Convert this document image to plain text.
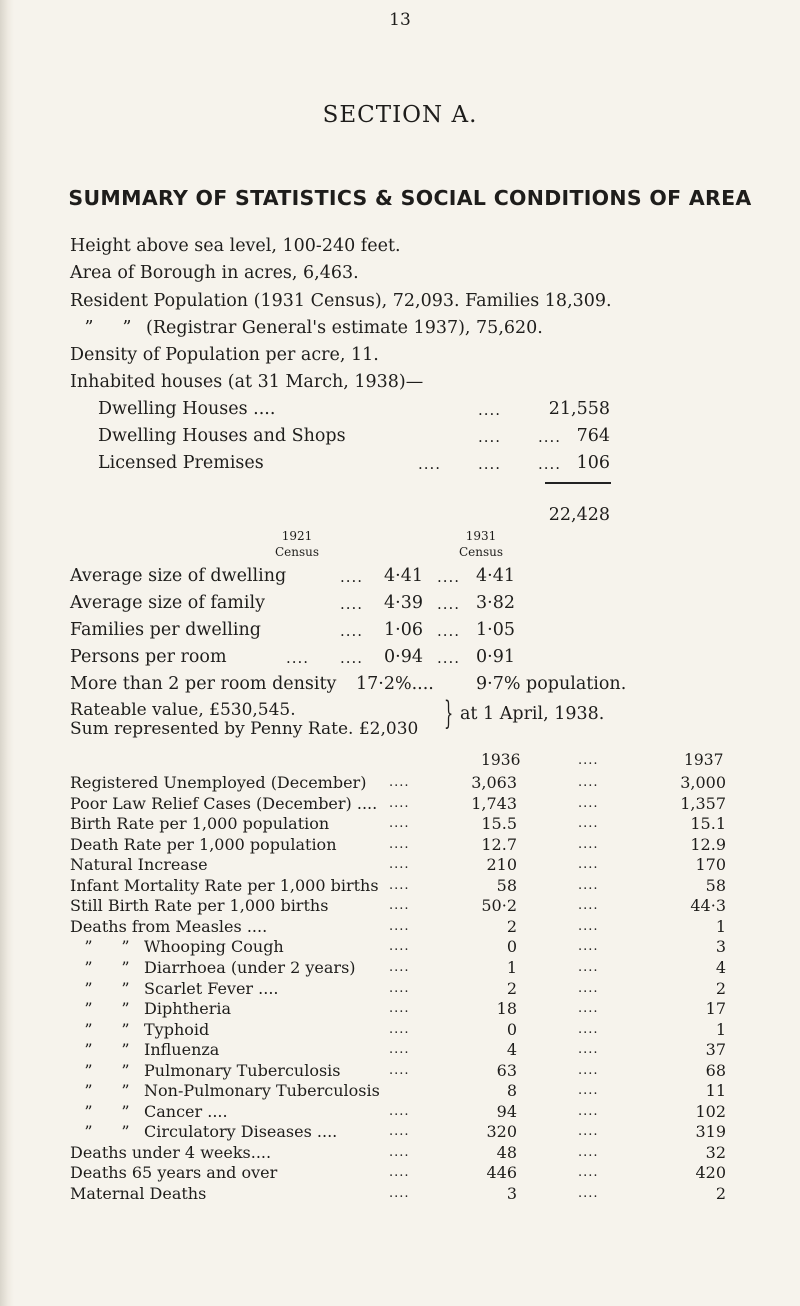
13
SECTION A.
SUMMARY OF STATISTICS & SOCIAL CONDITIONS OF AREA
Height above sea level, 100-240 feet.
Area of Borough in acres, 6,463.
Resident Population (1931 Census), 72,093. Families 18,309.
” ” (Registrar General's estimate 1937), 75,620.
Density of Population per acre, 11.
Inhabited houses (at 31 March, 1938)—
Dwelling Houses ....	....	21,558
Dwelling Houses and Shops	.... .... 764
Licensed Premises	.... .... .... 106
22,428
1921
Census
1931
Census
Average size of dwelling	.... 4·41 .... 4·41
Average size of family	.... 4·39 .... 3·82
Families per dwelling	.... 1·06 .... 1·05
Persons per room	.... .... 0·94 .... 0·91
More than 2 per room density 17·2%.... 9·7% population.
Rateable value, £530,545.
Sum represented by Penny Rate. £2,030 } at 1 April, 1938.
1936	....	1937
Registered Unemployed (December) ....	3,063	....	3,000
Poor Law Relief Cases (December) .... ....	1,743	....	1,357
Birth Rate per 1,000 population	....	15.5	....	15.1
Death Rate per 1,000 population	....	12.7	....	12.9
Natural Increase	....	210	....	170
Infant Mortality Rate per 1,000 births ....	58	....	58
Still Birth Rate per 1,000 births	....	50·2	....	44·3
Deaths from Measles ....	....	2	....	1
” ” Whooping Cough	....	0	....	3
” ” Diarrhoea (under 2 years)	....	1	....	4
” ” Scarlet Fever ....	....	2	....	2
” ” Diphtheria	....	18	....	17
” ” Typhoid	....	0	....	1
” ” Influenza	....	4	....	37
” ” Pulmonary Tuberculosis	....	63	....	68
” ” Non-Pulmonary Tuberculosis	8	....	11
” ” Cancer ....	....	94	....	102
” ” Circulatory Diseases ....	....	320	....	319
Deaths under 4 weeks....	....	48	....	32
Deaths 65 years and over	....	446	....	420
Maternal Deaths	....	3	....	2
